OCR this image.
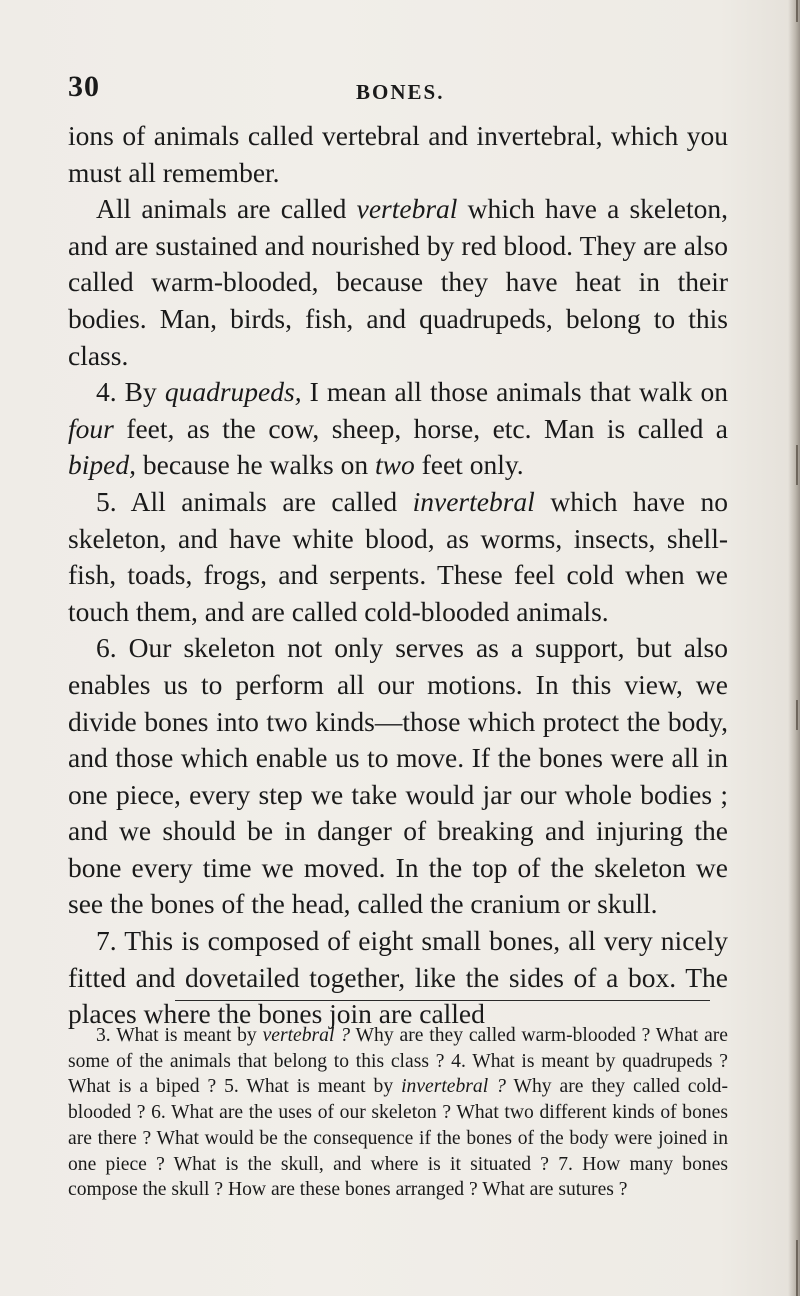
30	BONES.

ions of animals called vertebral and invertebral, which you must all remember.

All animals are called vertebral which have a skeleton, and are sustained and nourished by red blood. They are also called warm-blooded, because they have heat in their bodies. Man, birds, fish, and quadrupeds, belong to this class.

4. By quadrupeds, I mean all those animals that walk on four feet, as the cow, sheep, horse, etc. Man is called a biped, because he walks on two feet only.

5. All animals are called invertebral which have no skeleton, and have white blood, as worms, insects, shell-fish, toads, frogs, and serpents. These feel cold when we touch them, and are called cold-blooded animals.

6. Our skeleton not only serves as a support, but also enables us to perform all our motions. In this view, we divide bones into two kinds—those which protect the body, and those which enable us to move. If the bones were all in one piece, every step we take would jar our whole bodies ; and we should be in danger of breaking and injuring the bone every time we moved. In the top of the skeleton we see the bones of the head, called the cranium or skull.

7. This is composed of eight small bones, all very nicely fitted and dovetailed together, like the sides of a box. The places where the bones join are called

3. What is meant by vertebral ? Why are they called warm-blooded ? What are some of the animals that belong to this class ? 4. What is meant by quadrupeds ? What is a biped ? 5. What is meant by invertebral ? Why are they called cold-blooded ? 6. What are the uses of our skeleton ? What two different kinds of bones are there ? What would be the consequence if the bones of the body were joined in one piece ? What is the skull, and where is it situated ? 7. How many bones compose the skull ? How are these bones arranged ? What are sutures ?
